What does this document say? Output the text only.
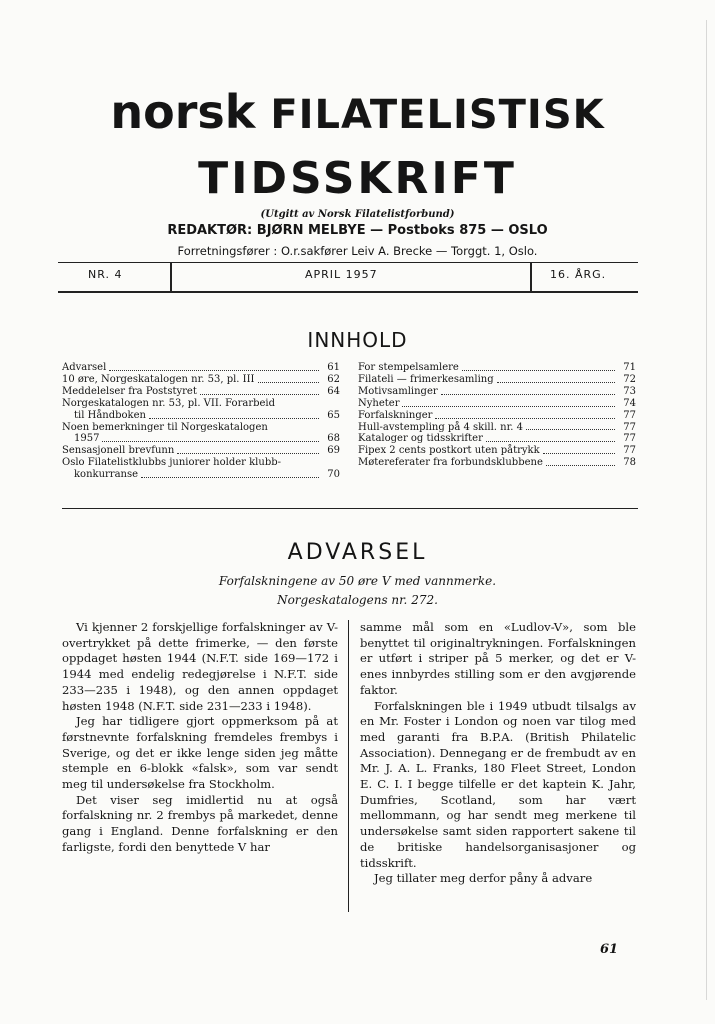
norsk FILATELISTISK
TIDSSKRIFT
(Utgitt av Norsk Filatelistforbund)
REDAKTØR: BJØRN MELBYE — Postboks 875 — OSLO
Forretningsfører : O.r.sakfører Leiv A. Brecke — Torggt. 1, Oslo.
NR. 4	APRIL 1957	16. ÅRG.
INNHOLD
Advarsel	61
10 øre, Norgeskatalogen nr. 53, pl. III	62
Meddelelser fra Poststyret	64
Norgeskatalogen nr. 53, pl. VII. Forarbeid
til Håndboken	65
Noen bemerkninger til Norgeskatalogen
1957	68
Sensasjonell brevfunn	69
Oslo Filatelistklubbs juniorer holder klubb-
konkurranse	70
For stempelsamlere	71
Filateli — frimerkesamling	72
Motivsamlinger	73
Nyheter	74
Forfalskninger	77
Hull-avstempling på 4 skill. nr. 4	77
Kataloger og tidsskrifter	77
Fipex 2 cents postkort uten påtrykk	77
Møtereferater fra forbundsklubbene	78
ADVARSEL
Forfalskningene av 50 øre V med vannmerke.
Norgeskatalogens nr. 272.

Vi kjenner 2 forskjellige forfalskninger av V-overtrykket på dette frimerke, — den første oppdaget høsten 1944 (N.F.T. side 169—172 i 1944 med endelig redegjørelse i N.F.T. side 233—235 i 1948), og den annen oppdaget høsten 1948 (N.F.T. side 231—233 i 1948).

Jeg har tidligere gjort oppmerksom på at førstnevnte forfalskning fremdeles frembys i Sverige, og det er ikke lenge siden jeg måtte stemple en 6-blokk «falsk», som var sendt meg til undersøkelse fra Stockholm.

Det viser seg imidlertid nu at også forfalskning nr. 2 frembys på markedet, denne gang i England. Denne forfalskning er den farligste, fordi den benyttede V har

samme mål som en «Ludlov-V», som ble benyttet til originaltrykningen. Forfalskningen er utført i striper på 5 merker, og det er V-enes innbyrdes stilling som er den avgjørende faktor.

Forfalskningen ble i 1949 utbudt tilsalgs av en Mr. Foster i London og noen var tilog med med garanti fra B.P.A. (British Philatelic Association). Dennegang er de frembudt av en Mr. J. A. L. Franks, 180 Fleet Street, London E. C. I. I begge tilfelle er det kaptein K. Jahr, Dumfries, Scotland, som har vært mellommann, og har sendt meg merkene til undersøkelse samt siden rapportert sakene til de britiske handelsorganisasjoner og tidsskrift.

Jeg tillater meg derfor påny å advare

61
